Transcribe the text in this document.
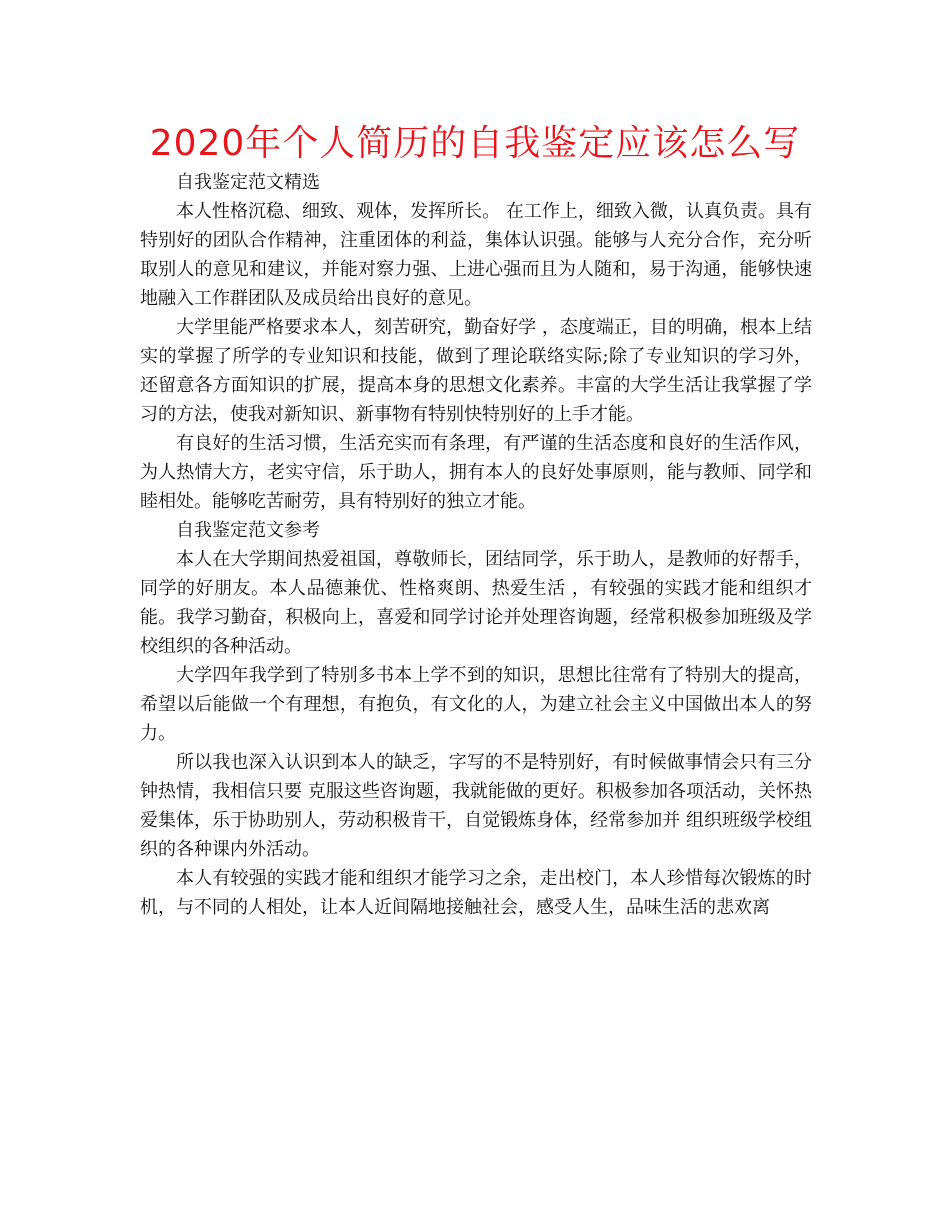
2020年个人简历的自我鉴定应该怎么写

自我鉴定范文精选

本人性格沉稳、细致、观体，发挥所长。 在工作上，细致入微，认真负责。具有特别好的团队合作精神，注重团体的利益，集体认识强。能够与人充分合作，充分听取别人的意见和建议，并能对察力强、上进心强而且为人随和，易于沟通，能够快速地融入工作群团队及成员给出良好的意见。

大学里能严格要求本人，刻苦研究，勤奋好学 ，态度端正，目的明确，根本上结实的掌握了所学的专业知识和技能，做到了理论联络实际;除了专业知识的学习外，还留意各方面知识的扩展，提高本身的思想文化素养。丰富的大学生活让我掌握了学习的方法，使我对新知识、新事物有特别快特别好的上手才能。

有良好的生活习惯，生活充实而有条理，有严谨的生活态度和良好的生活作风，为人热情大方，老实守信，乐于助人，拥有本人的良好处事原则，能与教师、同学和睦相处。能够吃苦耐劳，具有特别好的独立才能。

自我鉴定范文参考

本人在大学期间热爱祖国，尊敬师长，团结同学，乐于助人，是教师的好帮手，同学的好朋友。本人品德兼优、性格爽朗、热爱生活 ，有较强的实践才能和组织才能。我学习勤奋，积极向上，喜爱和同学讨论并处理咨询题，经常积极参加班级及学校组织的各种活动。

大学四年我学到了特别多书本上学不到的知识，思想比往常有了特别大的提高，希望以后能做一个有理想，有抱负，有文化的人，为建立社会主义中国做出本人的努力。

所以我也深入认识到本人的缺乏，字写的不是特别好，有时候做事情会只有三分钟热情，我相信只要 克服这些咨询题，我就能做的更好。积极参加各项活动，关怀热爱集体，乐于协助别人，劳动积极肯干，自觉锻炼身体，经常参加并 组织班级学校组织的各种课内外活动。

本人有较强的实践才能和组织才能学习之余，走出校门，本人珍惜每次锻炼的时机，与不同的人相处，让本人近间隔地接触社会，感受人生，品味生活的悲欢离
